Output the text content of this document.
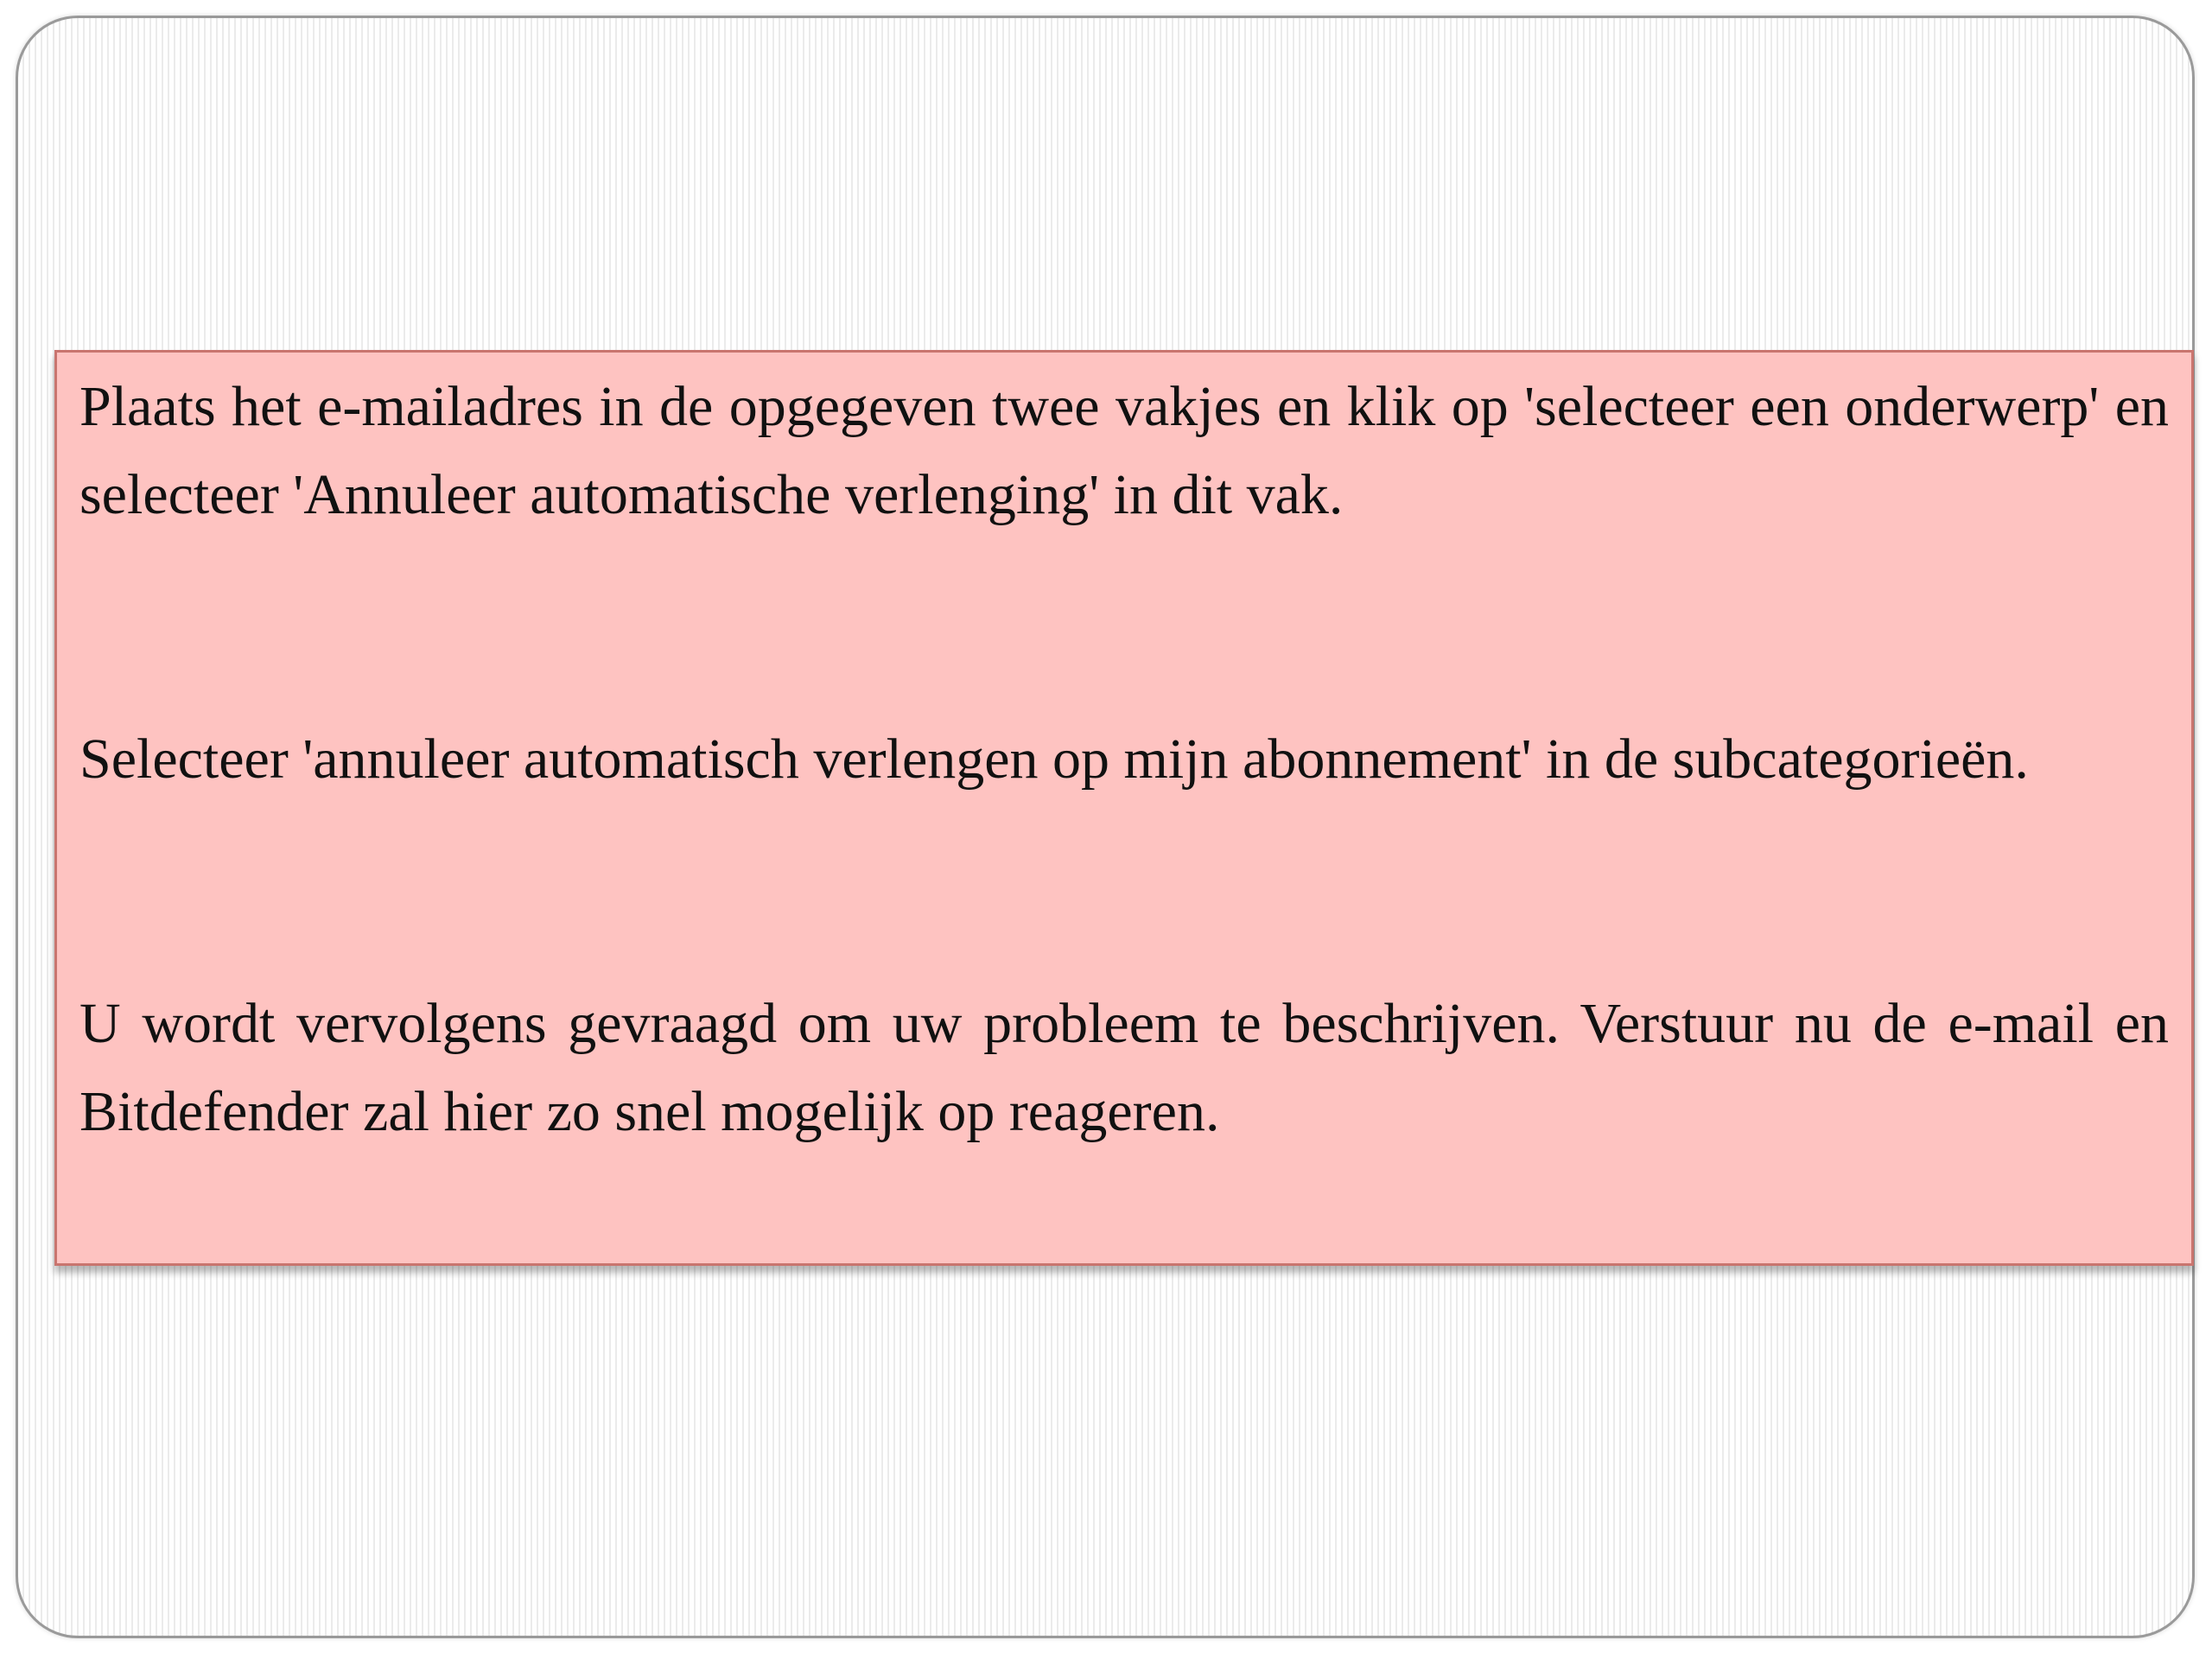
Plaats het e-mailadres in de opgegeven twee vakjes en klik op 'selecteer een onderwerp' en selecteer 'Annuleer automatische verlenging' in dit vak.

Selecteer 'annuleer automatisch verlengen op mijn abonnement' in de subcategorieën.

U wordt vervolgens gevraagd om uw probleem te beschrijven. Verstuur nu de e-mail en Bitdefender zal hier zo snel mogelijk op reageren.
